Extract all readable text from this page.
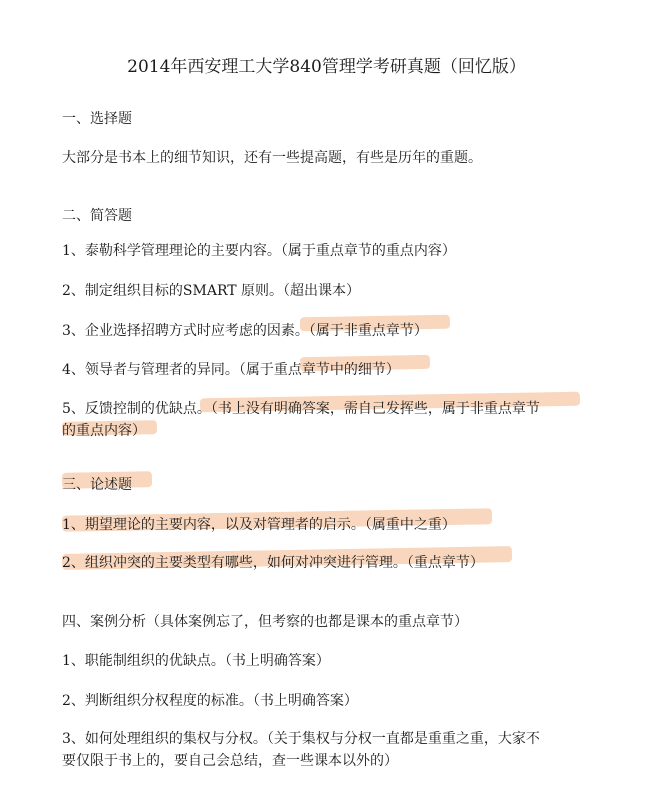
2014年西安理工大学840管理学考研真题（回忆版）
一、选择题
大部分是书本上的细节知识，还有一些提高题，有些是历年的重题。
二、简答题
1、泰勒科学管理理论的主要内容。（属于重点章节的重点内容）
2、制定组织目标的SMART 原则。（超出课本）
3、企业选择招聘方式时应考虑的因素。（属于非重点章节）
4、领导者与管理者的异同。（属于重点章节中的细节）
5、反馈控制的优缺点。（书上没有明确答案，需自己发挥些，属于非重点章节
的重点内容）
三、论述题
1、期望理论的主要内容，以及对管理者的启示。（属重中之重）
2、组织冲突的主要类型有哪些，如何对冲突进行管理。（重点章节）
四、案例分析（具体案例忘了，但考察的也都是课本的重点章节）
1、职能制组织的优缺点。（书上明确答案）
2、判断组织分权程度的标准。（书上明确答案）
3、如何处理组织的集权与分权。（关于集权与分权一直都是重重之重，大家不
要仅限于书上的，要自己会总结，查一些课本以外的）
